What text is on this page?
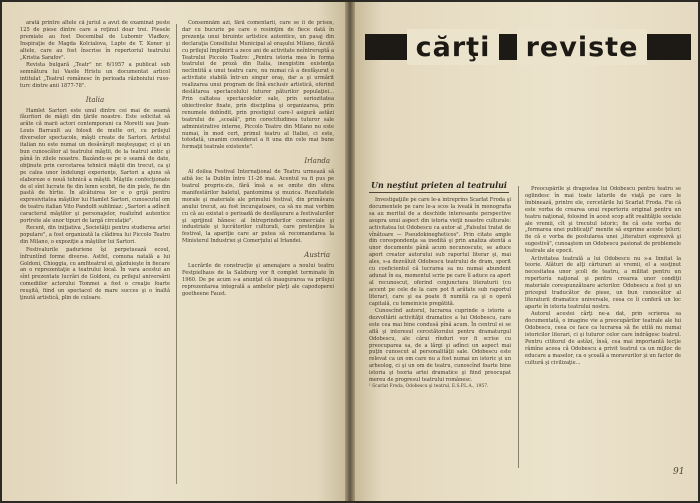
arată printre altele că juriul a avut de examinat peste 125 de piese dintre care a reţinut doar trei. Piesele premiate au fost Decemibal de Lubomir Vladkov, Inspiraţie de Magda Kolcialova, Lupte de T. Koner şi altele, care au fost înscrise în repertoriul teatrului „Kristia Sarafov".

Revista bulgară „Teatr" nr. 6/1957 a publicat sub semnătura lui Vasile Hristu un documentat articol intitulat „Teatrul românesc în perioada războiului ruso-turc dintre anii 1877-78".

Italia

Hamlet Sartori este unul dintre cei mai de seamă făuritori de măşti din ţările noastre. Este solicitat să arăte că marii actori contemporani ca Moretti sau Jean-Louis Barrault au folosit de multe ori, cu prilejul diverselor spectacole, măşti create de Sartori. Artistul italian nu este numai un desăvârşit meşteşugar, ci şi un bun cunoscător al teatrului măştii, de la teatrul antic şi până în zilele noastre. Bazându-se pe o seamă de date, obţinute prin cercetarea tehnicii măştii din trecut, ca şi pe calea unor îndelungi experienţe, Sartori a ajuns să elaboreze o nouă tehnică a măştii. Măştile confecţionate de el sînt lucrate fie din lemn scobit, fie din piele, fie din pastă de hîrtie. În alcătuirea lor e o grijă pentru expresivitatea măştilor lui Hamlet Sartori, cunoscutul om de teatru italian Vito Pandolfi subliniaz: „Sartori a adîncit caracterul măştilor şi personajelor, realizînd autentice portrete ale unor tipuri de largă circulaţie".

Recent, din iniţiativa „Societăţii pentru studierea artei populare", a fost organizată la clădirea lui Piccolo Teatro din Milano, o expoziţie a măştilor lui Sartori.

Festivalurile paduriene îşi perpetuează ecoul, înfruntînd forme diverse. Astfel, comuna natală a lui Goldoni, Chioggia, cu amfiteatrul ei, găzduieşte în fiecare an o reprezentaţie a teatrului local. În vara acestui an sînt prezentate lucrări de Goldoni, cu prilejul aniversării comediilor actorului Tommei a fost o creaţie foarte reuşită, fiind un spectacol de mare succes şi o înaltă ţinută artistică, plin de culoare.

Consemnăm azi, fără comentarii, care se îi de prisos, dar cu bucurie pe care o resimţim de fiece dată în prezenţa unui biruinte artistice autentice, un pasaj din declaraţia Consiliului Municipal al oraşului Milano, făcută cu prilejul împlinirii a zece ani de activitate neîntreruptă a Teatrului Piccolo Teatro: „Pentru istoria mea în forma teatrului de proză din Italia, inexgistim existenţa neclintită a unui teatru care, nu numai că a desfăşurat o activitate stabilă într-un singur oraş, dar a şi urmărit realizarea unui program de lînă exclusiv artistică, oferind deslătarea spectacolului tuturor păturilor populaţiei... Prin caltatea spectacolelor sale, prin seriozitatea obiectivelor fixate, prin disciplina şi organizarea, prin renumele dobîndit, prin prestigiul care-l asigură astăzi teatrului de „scoală", prin corectitudinea tuturor sale administrative interne, Piccolo Teatro din Milano nu este numai, în mod cert, primul teatru al Italiei, ci este, totodată, unanim considerat a fi una din cele mai bune formaţii teatrale existente".

Irlanda

Al doilea Festival Internaţional de Teatru urmează să aibă loc la Dublin între 11-26 mai. Acentul va fi pus pe teatrul propriu-zis, fără însă a se omite din sfera manifestărilor baletul, pantomima şi muzica. Rezultatele morale şi materiale ale primului festival, din primăvara anului trecut, au fost încurajatoare, ca să nu mai vorbim cu că au existat o perioadă de desfăşurare a festivalurilor şi sprijinul bănesc al întreprinderilor comerciale şi industriale şi lucrătorilor culturali, care pretenţios la festival, la apariţie care ar putea să recomandarea la Ministerul Industriei şi Comerţului al Irlandei.

Austria

Lucrările de construcţie şi amenajare a noului teatru Festpielhaus de la Salzburg vor fi complet terminate în 1960. De pe acum s-a anunţat că inaugurarea va prilejui reprezentarea integrală a ambelor părţi ale capodoperei goetheene Faust.

cărţi	reviste
Un neştiut prieten al teatrului

Investigaţiile pe care le-a întreprins Scarlat Froda şi documentele pe care le-a scos la iveală în monografia sa au meritul de a deschide interesante perspective asupra unui aspect din istoria vieţii noastre culturale: activitatea lui Odobescu ca autor al „Falsului tratat de vînătoare — Pseudokinegheticos". Prin citate ample din corespondenţa sa inedită şi prin analiza atentă a unor documente până acum necunoscute, se aduce aport creator autorului sub raportul literar şi, mai ales, s-a dezvăluit Odobescu teatrului de dram, sporit cu coeficientul că lucrarea sa nu numai abundent adunat în ea, momentul scrie pe care îl aduce ca aport al recunoscut, oferind conjunctura literaturii (cu accent pe cele de la care pot fi arătate sub raportul literar), care şi ea poate fi numită ca şi o operă capitală, cu temeinicie pregătită.

Cunoscînd autorul, lucrarea cuprinde o istorie a dezvoltării activităţii dramatice a lui Odobescu, care este cea mai bine condusă pînă acum. În centrul ei se află şi interesul cercetătorului pentru dramaturgul Odobescu, ale cărui rînduri vor fi scrise cu preocuparea sa, de a lărgi şi adînci un aspect mai puţin cunoscut al personalităţii sale. Odobescu este relevat ca un om care nu a fost numai un istoric şi un arheolog, ci şi un om de teatru, cunoscînd foarte bine istoria şi teoria artei dramatice şi fiind preocupat mereu de progresul teatrului românesc.

¹ Scarlat Froda, Odobescu şi teatrul, E.S.P.L.A., 1957.

Preocupările şi dragostea lui Odobescu pentru teatru se oglindesc în mai toate laturile de viaţă pe care le îmbinează, printre ele, cercetările lui Scarlat Froda. Fie că este vorba de crearea unui repertoriu original pentru un teatru naţional, folosind în acest scop atît realităţile sociale ale vremii, cît şi trecutul istoric; fie că este vorba de „formarea unei publicaţii" menite să exprime aceste ţeluri; fie că e vorba de postularea unei „literaturi expresivă şi sugestivă", cunoaştem un Odobescu pasionat de problemele teatrale ale epocii.

Activitatea teatrală a lui Odobescu nu s-a limitat la teorie. Alături de alţi cărturari ai vremii, el a susţinut necesitatea unor şcoli de teatru, a militat pentru un repertoriu naţional şi pentru crearea unor condiţii materiale corespunzătoare actorilor. Odobescu a fost şi un priceput traducător de piese, un bun cunoscător al literaturii dramatice universale, ceea ce îi conferă un loc aparte în istoria teatrului nostru.

Autorul acestei cărţi ne-a dat, prin scrierea sa documentată, o imagine vie a preocupărilor teatrale ale lui Odobescu, ceea ce face ca lucrarea să fie utilă nu numai istoricilor literari, ci şi tuturor celor care îndrăgesc teatrul. Pentru cititorul de astăzi, însă, cea mai importantă lecţie rămîne aceea că Odobescu a privit teatrul ca un mijloc de educare a maselor, ca o şcoală a moravurilor şi un factor de cultură şi civilizaţie...

91
